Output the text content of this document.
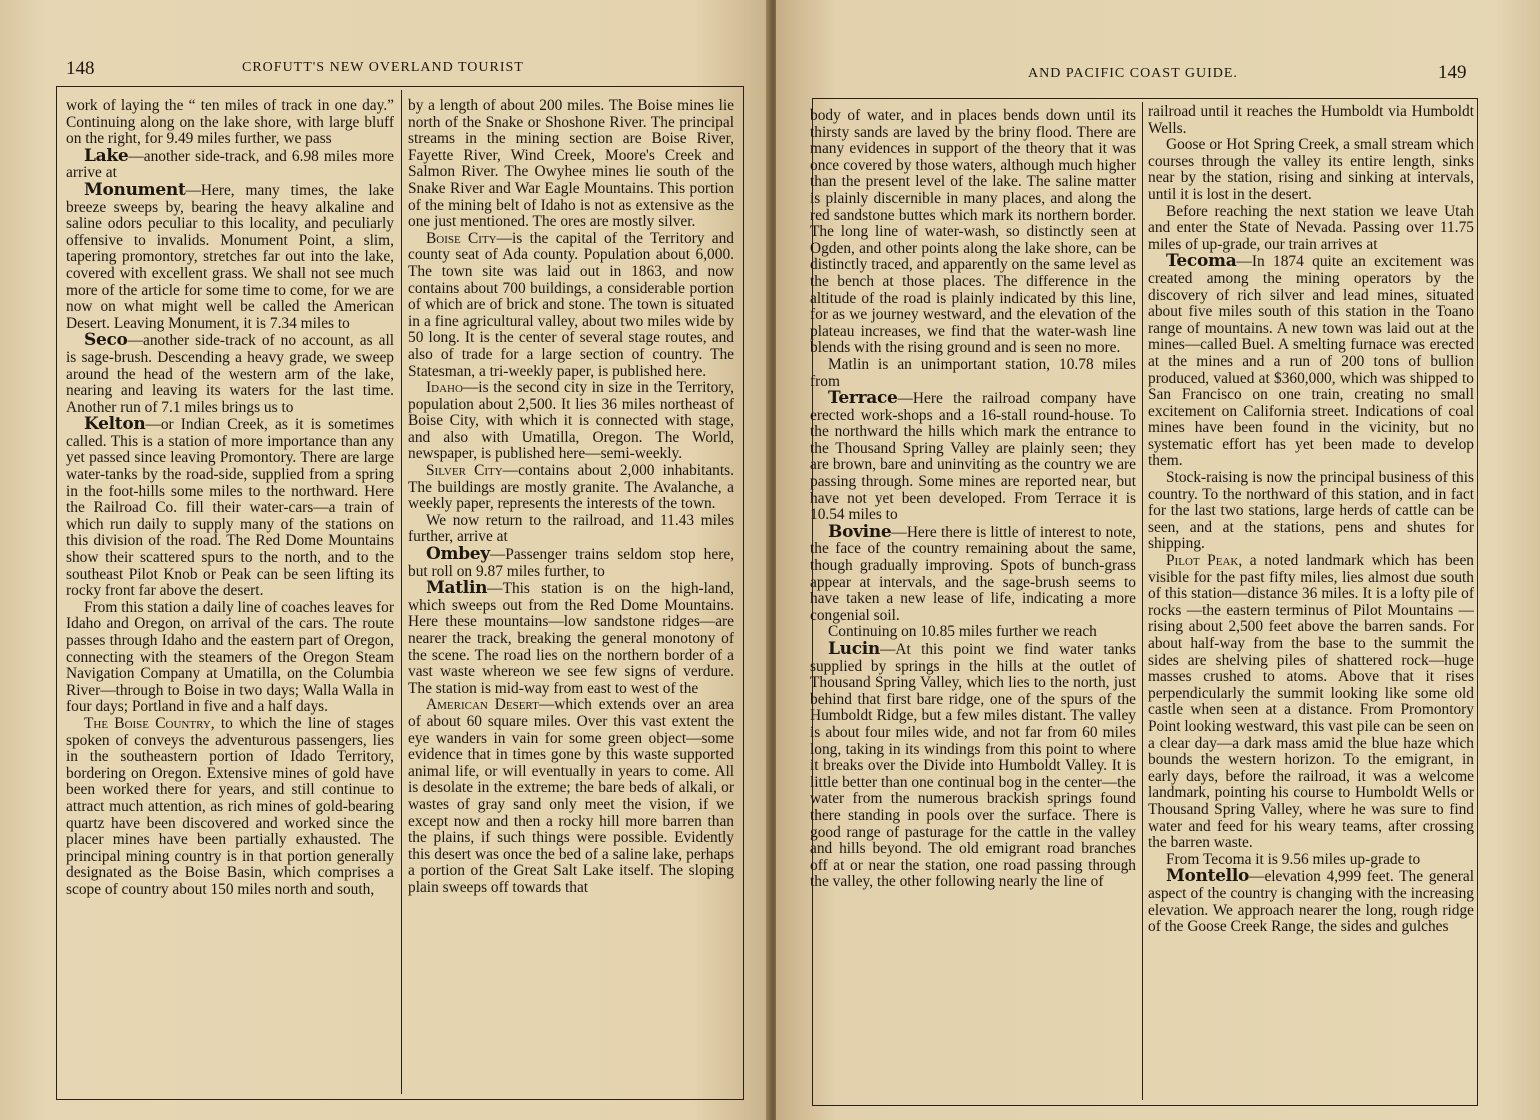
148	CROFUTT'S NEW OVERLAND TOURIST

work of laying the “ ten miles of track in one day.” Continuing along on the lake shore, with large bluff on the right, for 9.49 miles further, we pass

Lake—another side-track, and 6.98 miles more arrive at

Monument—Here, many times, the lake breeze sweeps by, bearing the heavy alkaline and saline odors peculiar to this locality, and peculiarly offensive to invalids. Monument Point, a slim, tapering promontory, stretches far out into the lake, covered with excellent grass. We shall not see much more of the article for some time to come, for we are now on what might well be called the American Desert. Leaving Monument, it is 7.34 miles to

Seco—another side-track of no account, as all is sage-brush. Descending a heavy grade, we sweep around the head of the western arm of the lake, nearing and leaving its waters for the last time. Another run of 7.1 miles brings us to

Kelton—or Indian Creek, as it is sometimes called. This is a station of more importance than any yet passed since leaving Promontory. There are large water-tanks by the road-side, supplied from a spring in the foot-hills some miles to the northward. Here the Railroad Co. fill their water-cars—a train of which run daily to supply many of the stations on this division of the road. The Red Dome Mountains show their scattered spurs to the north, and to the southeast Pilot Knob or Peak can be seen lifting its rocky front far above the desert.

From this station a daily line of coaches leaves for Idaho and Oregon, on arrival of the cars. The route passes through Idaho and the eastern part of Oregon, connecting with the steamers of the Oregon Steam Navigation Company at Umatilla, on the Columbia River—through to Boise in two days; Walla Walla in four days; Portland in five and a half days.

The Boise Country, to which the line of stages spoken of conveys the adventurous passengers, lies in the southeastern portion of Idado Territory, bordering on Oregon. Extensive mines of gold have been worked there for years, and still continue to attract much attention, as rich mines of gold-bearing quartz have been discovered and worked since the placer mines have been partially exhausted. The principal mining country is in that portion generally designated as the Boise Basin, which comprises a scope of country about 150 miles north and south,

by a length of about 200 miles. The Boise mines lie north of the Snake or Shoshone River. The principal streams in the mining section are Boise River, Fayette River, Wind Creek, Moore's Creek and Salmon River. The Owyhee mines lie south of the Snake River and War Eagle Mountains. This portion of the mining belt of Idaho is not as extensive as the one just mentioned. The ores are mostly silver.

Boise City—is the capital of the Territory and county seat of Ada county. Population about 6,000. The town site was laid out in 1863, and now contains about 700 buildings, a considerable portion of which are of brick and stone. The town is situated in a fine agricultural valley, about two miles wide by 50 long. It is the center of several stage routes, and also of trade for a large section of country. The Statesman, a tri-weekly paper, is published here.

Idaho—is the second city in size in the Territory, population about 2,500. It lies 36 miles northeast of Boise City, with which it is connected with stage, and also with Umatilla, Oregon. The World, newspaper, is published here—semi-weekly.

Silver City—contains about 2,000 inhabitants. The buildings are mostly granite. The Avalanche, a weekly paper, represents the interests of the town.

We now return to the railroad, and 11.43 miles further, arrive at

Ombey—Passenger trains seldom stop here, but roll on 9.87 miles further, to

Matlin—This station is on the high-land, which sweeps out from the Red Dome Mountains. Here these mountains—low sandstone ridges—are nearer the track, breaking the general monotony of the scene. The road lies on the northern border of a vast waste whereon we see few signs of verdure. The station is mid-way from east to west of the

American Desert—which extends over an area of about 60 square miles. Over this vast extent the eye wanders in vain for some green object—some evidence that in times gone by this waste supported animal life, or will eventually in years to come. All is desolate in the extreme; the bare beds of alkali, or wastes of gray sand only meet the vision, if we except now and then a rocky hill more barren than the plains, if such things were possible. Evidently this desert was once the bed of a saline lake, perhaps a portion of the Great Salt Lake itself. The sloping plain sweeps off towards that

AND PACIFIC COAST GUIDE.	149

body of water, and in places bends down until its thirsty sands are laved by the briny flood. There are many evidences in support of the theory that it was once covered by those waters, although much higher than the present level of the lake. The saline matter is plainly discernible in many places, and along the red sandstone buttes which mark its northern border. The long line of water-wash, so distinctly seen at Ogden, and other points along the lake shore, can be distinctly traced, and apparently on the same level as the bench at those places. The difference in the altitude of the road is plainly indicated by this line, for as we journey westward, and the elevation of the plateau increases, we find that the water-wash line blends with the rising ground and is seen no more.

Matlin is an unimportant station, 10.78 miles from

Terrace—Here the railroad company have erected work-shops and a 16-stall round-house. To the northward the hills which mark the entrance to the Thousand Spring Valley are plainly seen; they are brown, bare and uninviting as the country we are passing through. Some mines are reported near, but have not yet been developed. From Terrace it is 10.54 miles to

Bovine—Here there is little of interest to note, the face of the country remaining about the same, though gradually improving. Spots of bunch-grass appear at intervals, and the sage-brush seems to have taken a new lease of life, indicating a more congenial soil.

Continuing on 10.85 miles further we reach

Lucin—At this point we find water tanks supplied by springs in the hills at the outlet of Thousand Spring Valley, which lies to the north, just behind that first bare ridge, one of the spurs of the Humboldt Ridge, but a few miles distant. The valley is about four miles wide, and not far from 60 miles long, taking in its windings from this point to where it breaks over the Divide into Humboldt Valley. It is little better than one continual bog in the center—the water from the numerous brackish springs found there standing in pools over the surface. There is good range of pasturage for the cattle in the valley and hills beyond. The old emigrant road branches off at or near the station, one road passing through the valley, the other following nearly the line of

railroad until it reaches the Humboldt via Humboldt Wells.

Goose or Hot Spring Creek, a small stream which courses through the valley its entire length, sinks near by the station, rising and sinking at intervals, until it is lost in the desert.

Before reaching the next station we leave Utah and enter the State of Nevada. Passing over 11.75 miles of up-grade, our train arrives at

Tecoma—In 1874 quite an excitement was created among the mining operators by the discovery of rich silver and lead mines, situated about five miles south of this station in the Toano range of mountains. A new town was laid out at the mines—called Buel. A smelting furnace was erected at the mines and a run of 200 tons of bullion produced, valued at $360,000, which was shipped to San Francisco on one train, creating no small excitement on California street. Indications of coal mines have been found in the vicinity, but no systematic effort has yet been made to develop them.

Stock-raising is now the principal business of this country. To the northward of this station, and in fact for the last two stations, large herds of cattle can be seen, and at the stations, pens and shutes for shipping.

Pilot Peak, a noted landmark which has been visible for the past fifty miles, lies almost due south of this station—distance 36 miles. It is a lofty pile of rocks —the eastern terminus of Pilot Mountains —rising about 2,500 feet above the barren sands. For about half-way from the base to the summit the sides are shelving piles of shattered rock—huge masses crushed to atoms. Above that it rises perpendicularly the summit looking like some old castle when seen at a distance. From Promontory Point looking westward, this vast pile can be seen on a clear day—a dark mass amid the blue haze which bounds the western horizon. To the emigrant, in early days, before the railroad, it was a welcome landmark, pointing his course to Humboldt Wells or Thousand Spring Valley, where he was sure to find water and feed for his weary teams, after crossing the barren waste.

From Tecoma it is 9.56 miles up-grade to

Montello—elevation 4,999 feet. The general aspect of the country is changing with the increasing elevation. We approach nearer the long, rough ridge of the Goose Creek Range, the sides and gulches
